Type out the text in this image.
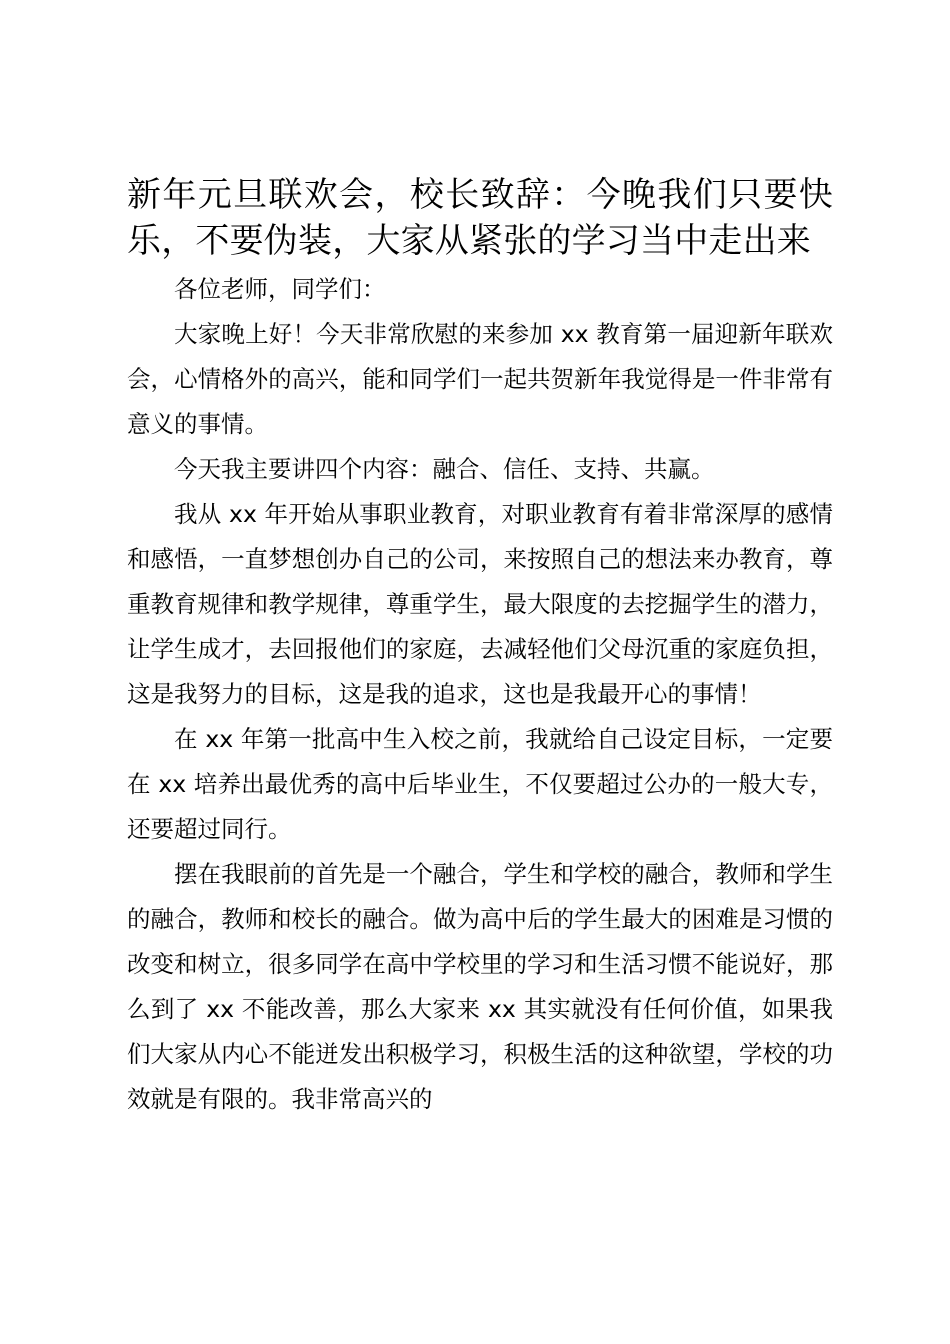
新年元旦联欢会，校长致辞：今晚我们只要快乐，不要伪装，大家从紧张的学习当中走出来

各位老师，同学们：

大家晚上好！今天非常欣慰的来参加 xx 教育第一届迎新年联欢会，心情格外的高兴，能和同学们一起共贺新年我觉得是一件非常有意义的事情。

今天我主要讲四个内容：融合、信任、支持、共赢。

我从 xx 年开始从事职业教育，对职业教育有着非常深厚的感情和感悟，一直梦想创办自己的公司，来按照自己的想法来办教育，尊重教育规律和教学规律，尊重学生，最大限度的去挖掘学生的潜力，让学生成才，去回报他们的家庭，去减轻他们父母沉重的家庭负担，这是我努力的目标，这是我的追求，这也是我最开心的事情！

在 xx 年第一批高中生入校之前，我就给自己设定目标，一定要在 xx 培养出最优秀的高中后毕业生，不仅要超过公办的一般大专，还要超过同行。

摆在我眼前的首先是一个融合，学生和学校的融合，教师和学生的融合，教师和校长的融合。做为高中后的学生最大的困难是习惯的改变和树立，很多同学在高中学校里的学习和生活习惯不能说好，那么到了 xx 不能改善，那么大家来 xx 其实就没有任何价值，如果我们大家从内心不能迸发出积极学习，积极生活的这种欲望，学校的功效就是有限的。我非常高兴的
